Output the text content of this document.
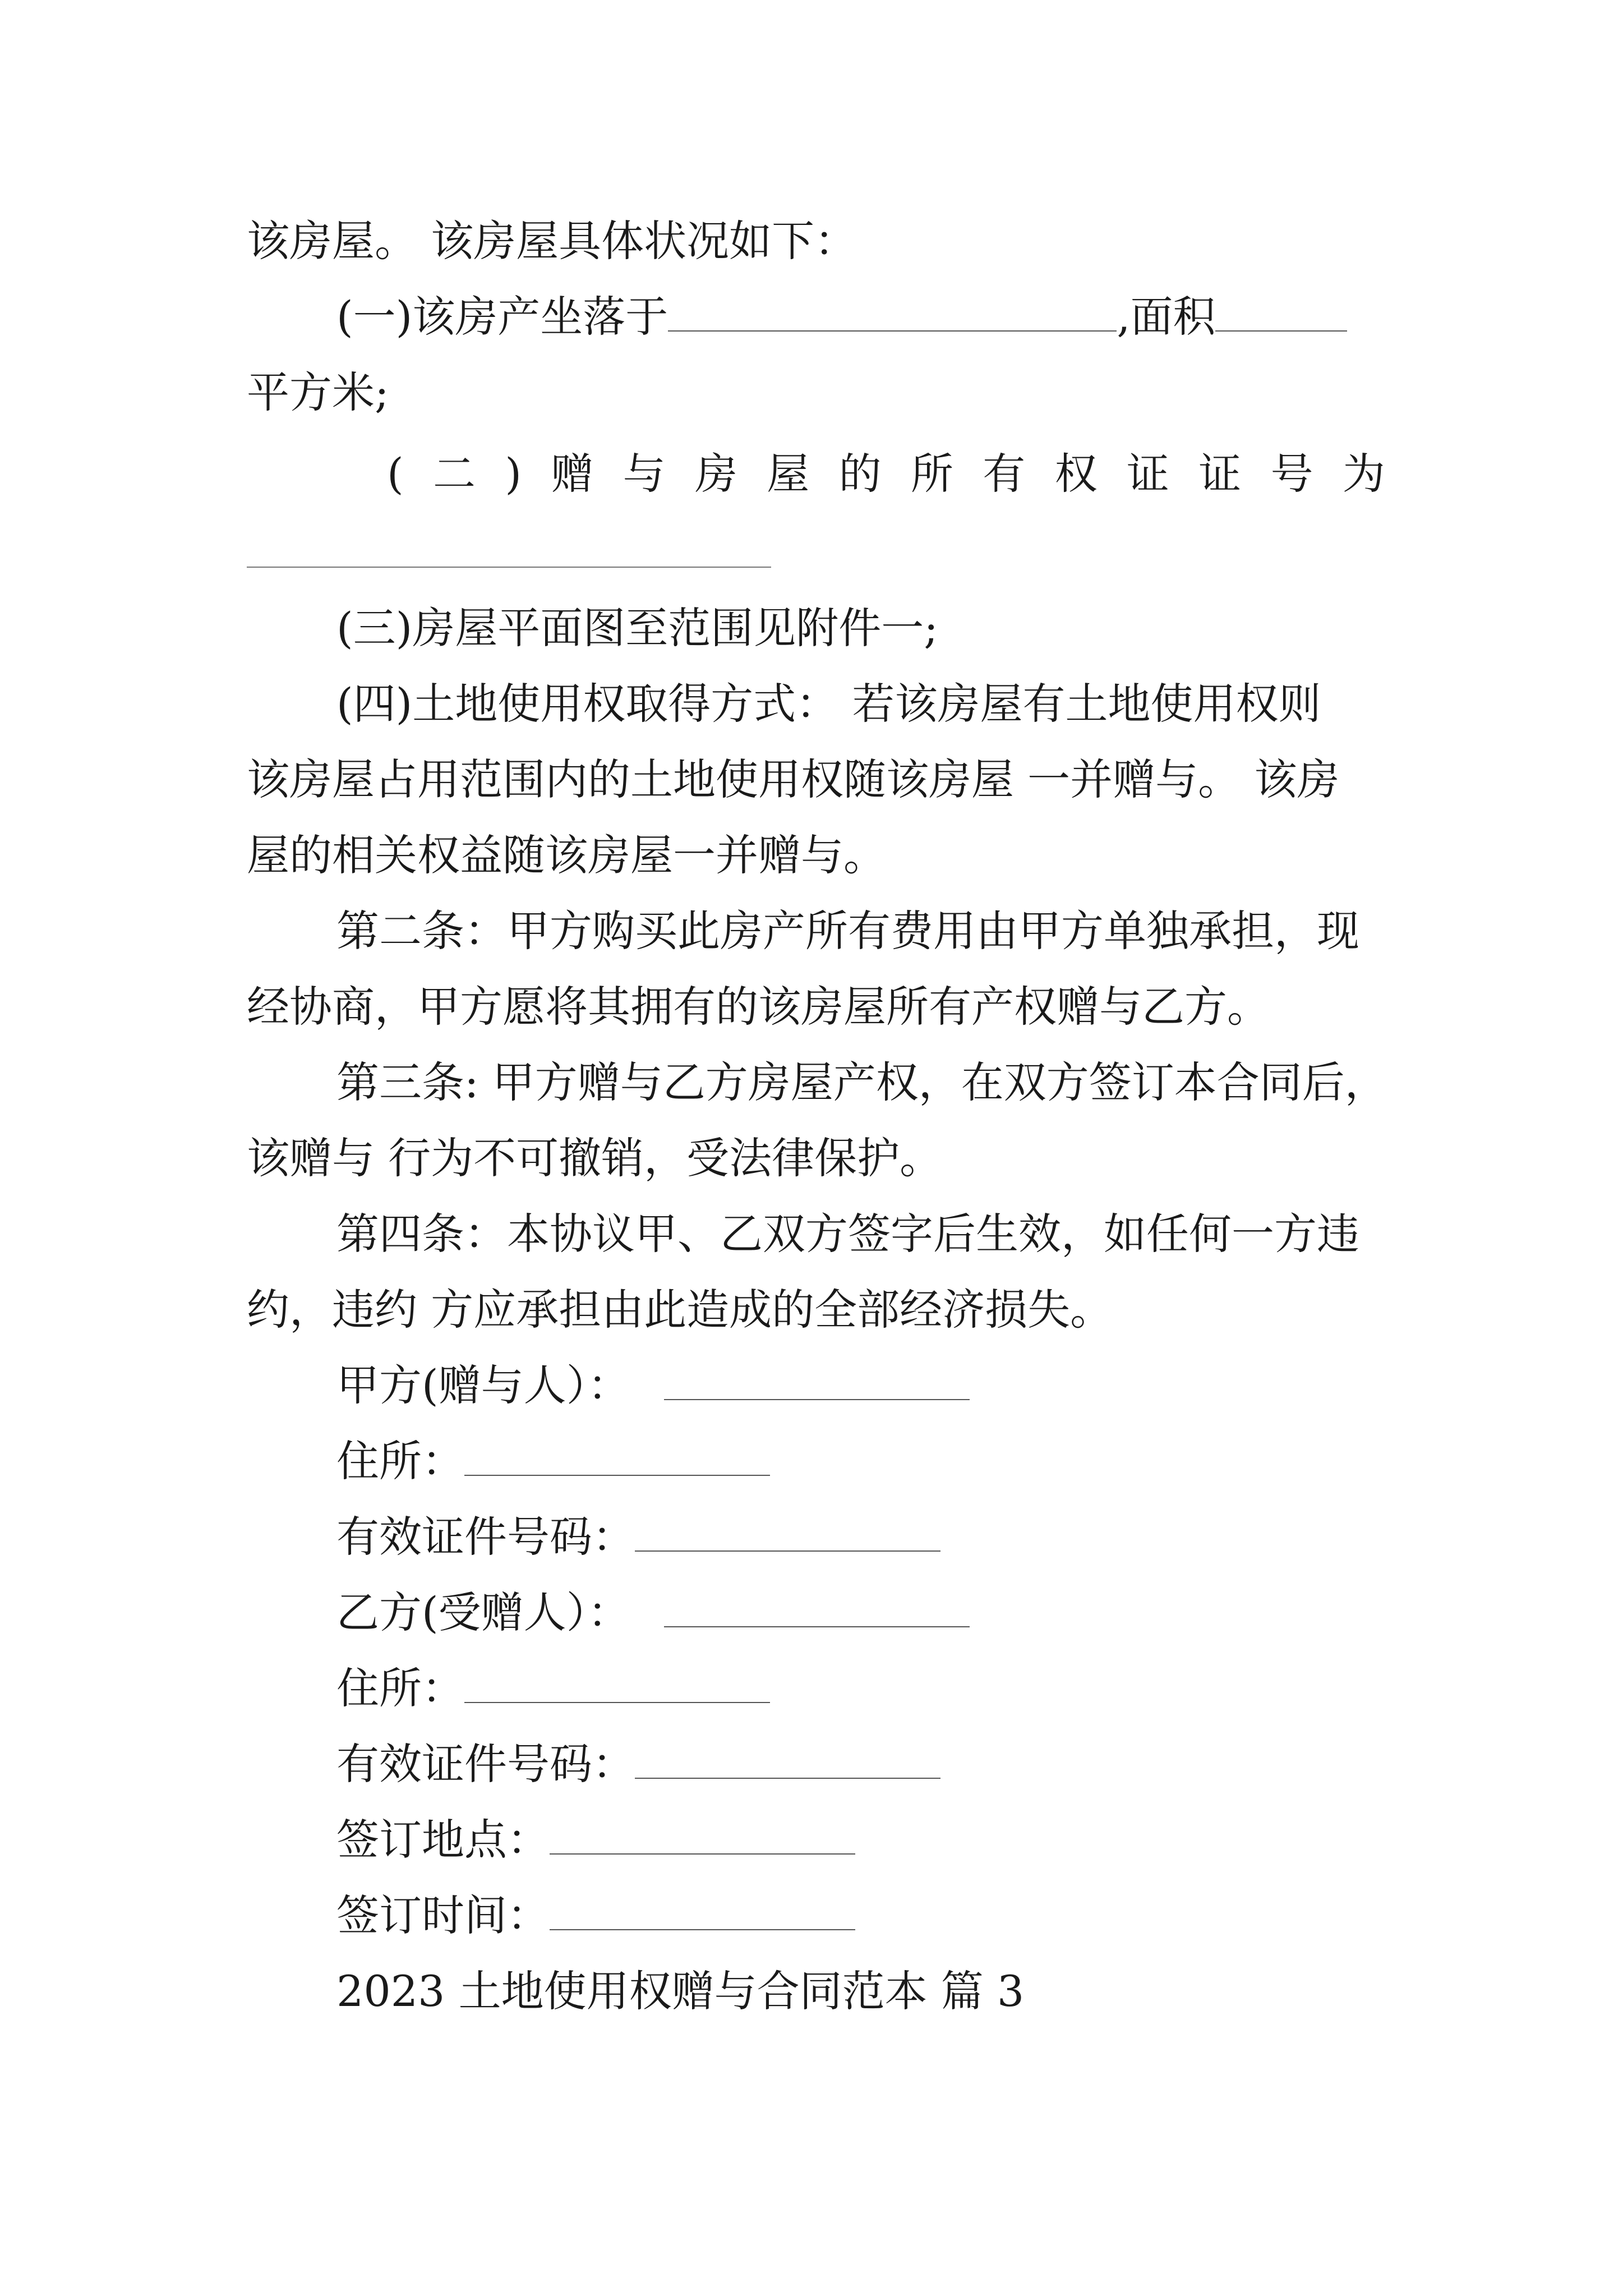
该房屋。 该房屋具体状况如下：
(一)该房产坐落于	,面积
平方米;
( 二 ) 赠 与 房 屋 的 所 有 权 证 证 号 为
(三)房屋平面图至范围见附件一;
(四)土地使用权取得方式： 若该房屋有土地使用权则
该房屋占用范围内的土地使用权随该房屋 一并赠与。 该房
屋的相关权益随该房屋一并赠与。
第二条：甲方购买此房产所有费用由甲方单独承担，现
经协商，甲方愿将其拥有的该房屋所有产权赠与乙方。
第三条: 甲方赠与乙方房屋产权，在双方签订本合同后，
该赠与 行为不可撤销，受法律保护。
第四条：本协议甲、乙双方签字后生效，如任何一方违
约，违约 方应承担由此造成的全部经济损失。
甲方(赠与人）：
住所：
有效证件号码：
乙方(受赠人）：
住所：
有效证件号码：
签订地点：
签订时间：
2023 土地使用权赠与合同范本 篇 3
